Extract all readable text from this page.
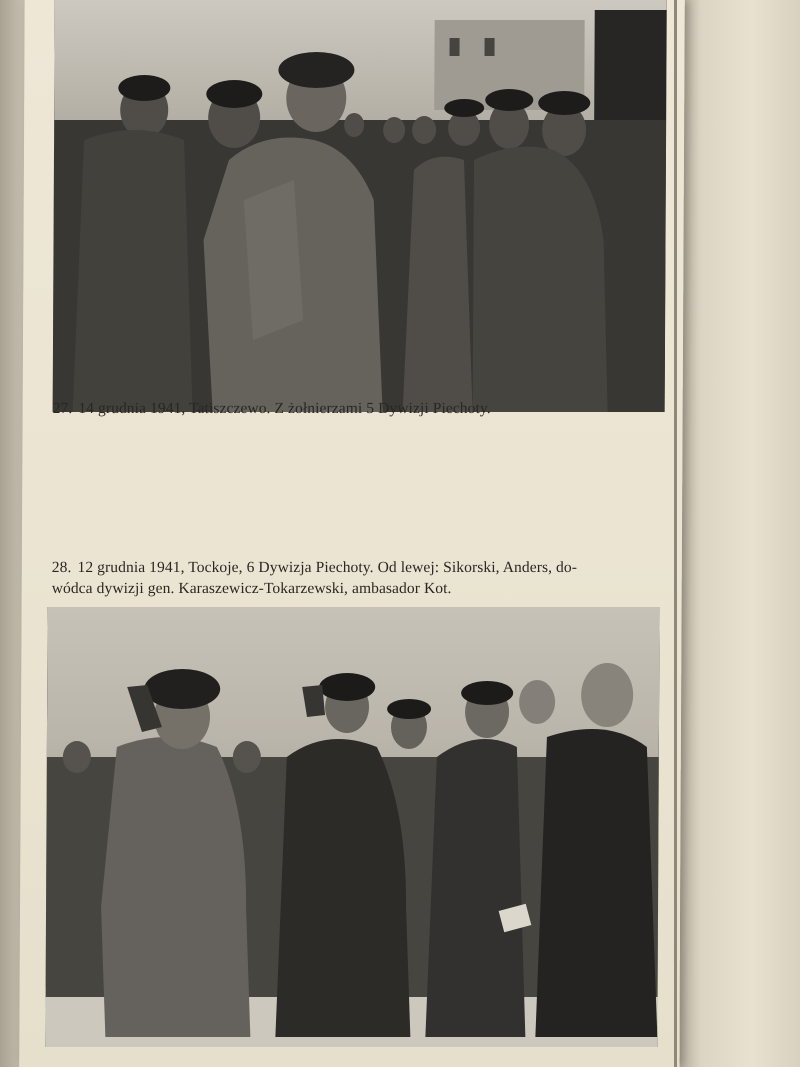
27. 14 grudnia 1941, Tatiszczewo. Z żołnierzami 5 Dywizji Piechoty.
28. 12 grudnia 1941, Tockoje, 6 Dywizja Piechoty. Od lewej: Sikorski, Anders, do-
wódca dywizji gen. Karaszewicz-Tokarzewski, ambasador Kot.
